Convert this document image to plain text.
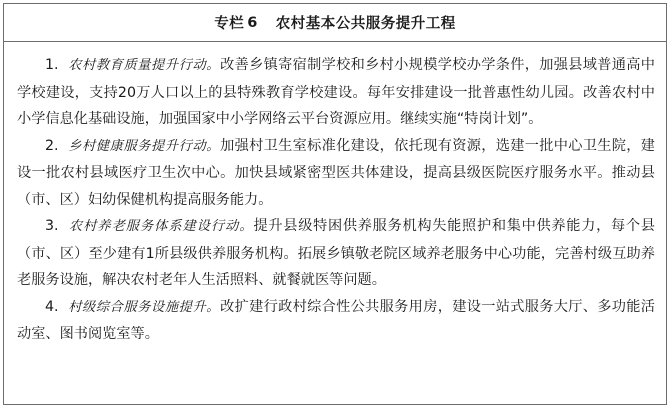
专栏 6 农村基本公共服务提升工程

1. 农村教育质量提升行动。改善乡镇寄宿制学校和乡村小规模学校办学条件，加强县域普通高中学校建设，支持20万人口以上的县特殊教育学校建设。每年安排建设一批普惠性幼儿园。改善农村中小学信息化基础设施，加强国家中小学网络云平台资源应用。继续实施“特岗计划”。

2. 乡村健康服务提升行动。加强村卫生室标准化建设，依托现有资源，选建一批中心卫生院，建设一批农村县域医疗卫生次中心。加快县域紧密型医共体建设，提高县级医院医疗服务水平。推动县（市、区）妇幼保健机构提高服务能力。

3. 农村养老服务体系建设行动。提升县级特困供养服务机构失能照护和集中供养能力，每个县（市、区）至少建有1所县级供养服务机构。拓展乡镇敬老院区域养老服务中心功能，完善村级互助养老服务设施，解决农村老年人生活照料、就餐就医等问题。

4. 村级综合服务设施提升。改扩建行政村综合性公共服务用房，建设一站式服务大厅、多功能活动室、图书阅览室等。
